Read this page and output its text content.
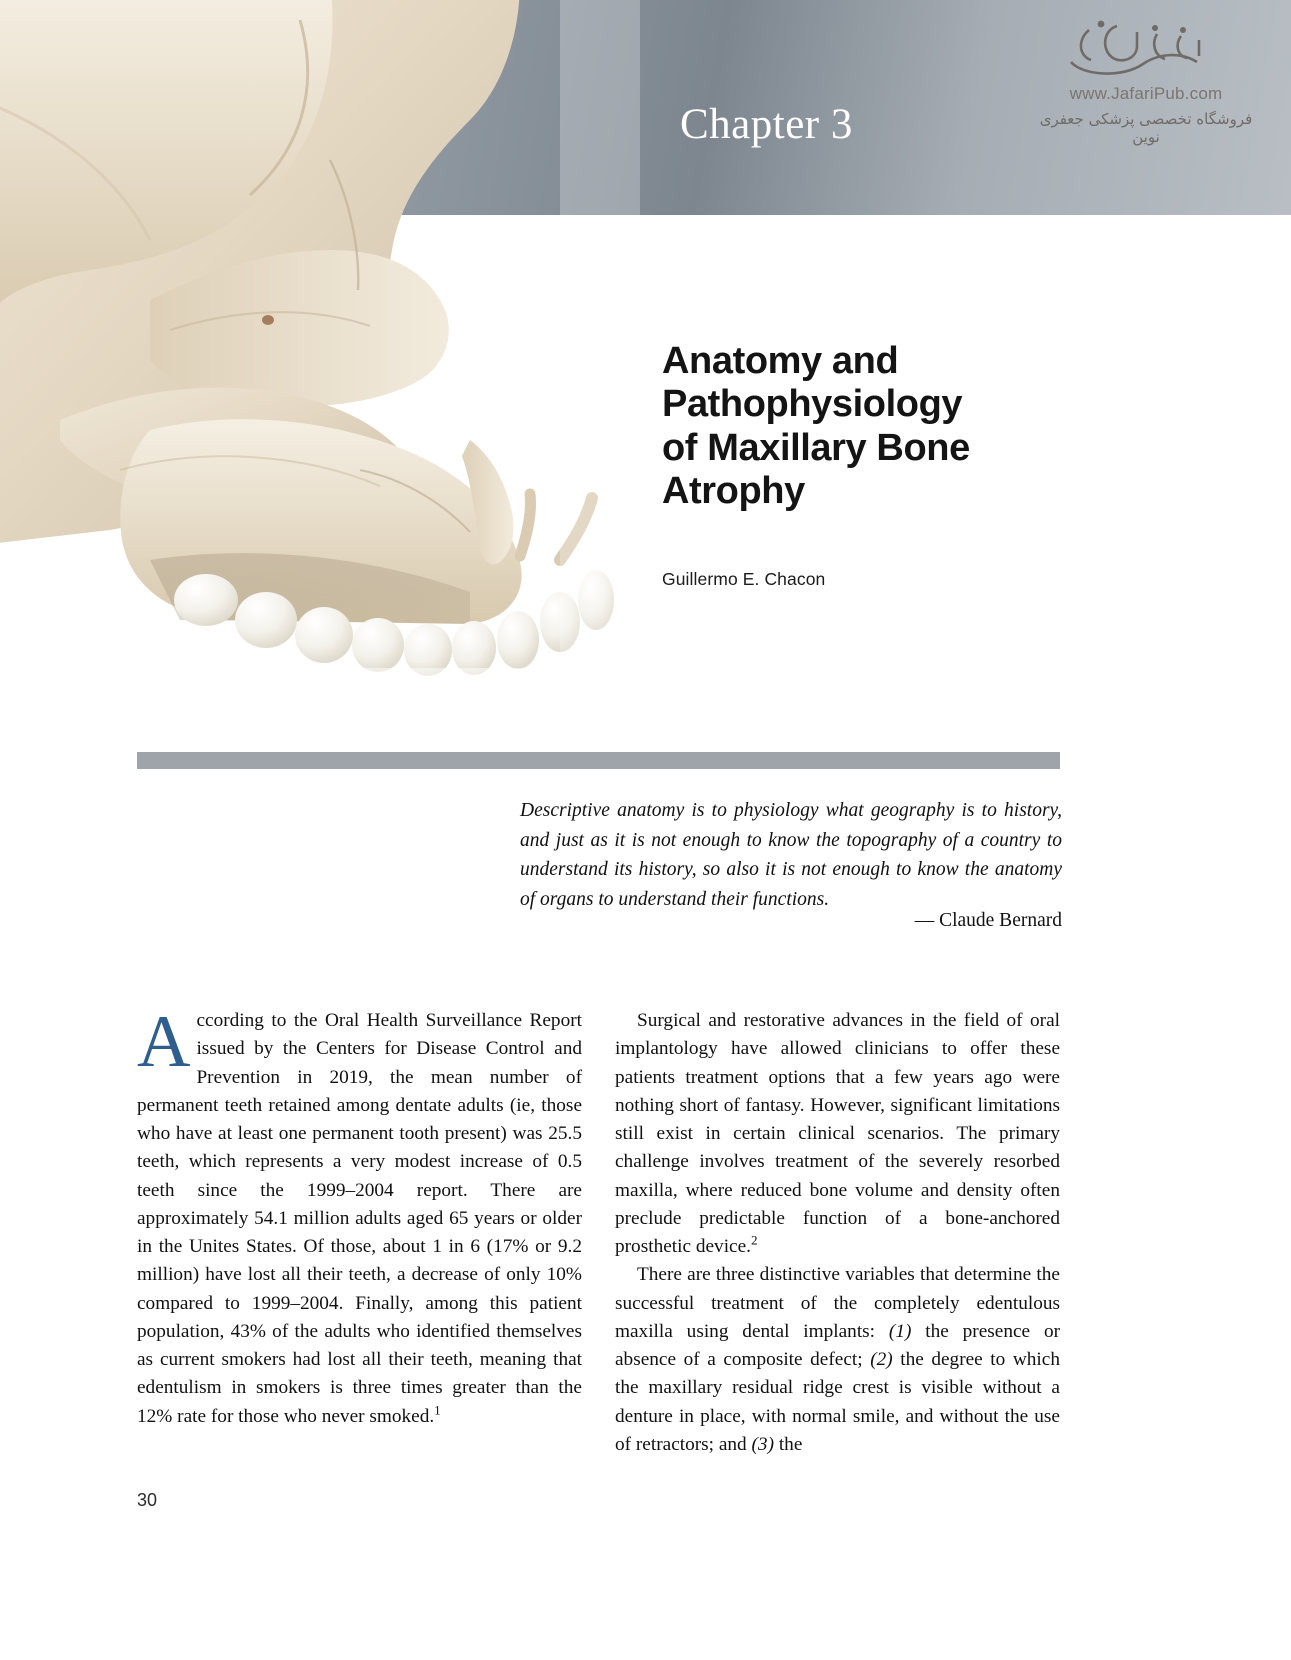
Chapter 3
www.JafariPub.com
فروشگاه تخصصی پزشکی جعفری نوین
Anatomy and
Pathophysiology
of Maxillary Bone
Atrophy
Guillermo E. Chacon
Descriptive anatomy is to physiology what geography is to history, and just as it is not enough to know the topography of a country to understand its history, so also it is not enough to know the anatomy of organs to understand their functions.
— Claude Bernard

According to the Oral Health Surveillance Report issued by the Centers for Disease Control and Prevention in 2019, the mean number of permanent teeth retained among dentate adults (ie, those who have at least one permanent tooth present) was 25.5 teeth, which represents a very modest increase of 0.5 teeth since the 1999–2004 report. There are approximately 54.1 million adults aged 65 years or older in the Unites States. Of those, about 1 in 6 (17% or 9.2 million) have lost all their teeth, a decrease of only 10% compared to 1999–2004. Finally, among this patient population, 43% of the adults who identified themselves as current smokers had lost all their teeth, meaning that edentulism in smokers is three times greater than the 12% rate for those who never smoked.$^1$

Surgical and restorative advances in the field of oral implantology have allowed clinicians to offer these patients treatment options that a few years ago were nothing short of fantasy. However, significant limitations still exist in certain clinical scenarios. The primary challenge involves treatment of the severely resorbed maxilla, where reduced bone volume and density often preclude predictable function of a bone-anchored prosthetic device.$^2$

There are three distinctive variables that determine the successful treatment of the completely edentulous maxilla using dental implants: (1) the presence or absence of a composite defect; (2) the degree to which the maxillary residual ridge crest is visible without a denture in place, with normal smile, and without the use of retractors; and (3) the

30
